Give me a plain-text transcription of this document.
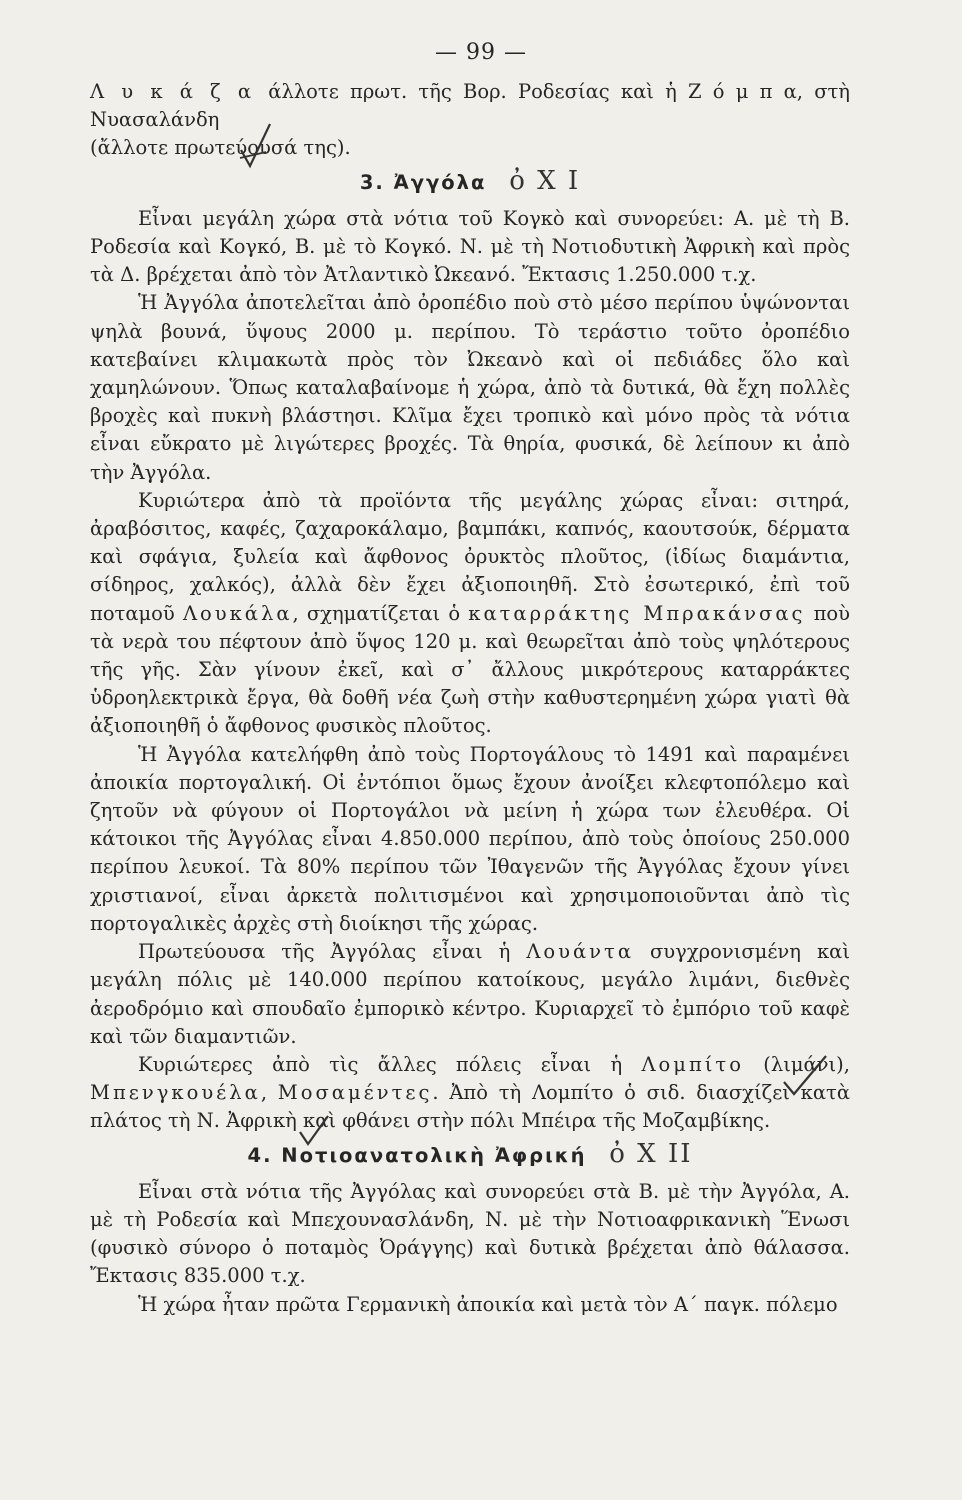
— 99 —

Λ υ κ ά ζ α άλλοτε πρωτ. τῆς Βορ. Ροδεσίας καὶ ἡ Ζ ό μ π α, στὴ Νυασαλάνδη

(ἄλλοτε πρωτεύουσά της).

3. Ἀγγόλα ὀ Χ Ι

Εἶναι μεγάλη χώρα στὰ νότια τοῦ Κογκὸ καὶ συνορεύει: Α. μὲ τὴ Β. Ροδεσία καὶ Κογκό, Β. μὲ τὸ Κογκό. Ν. μὲ τὴ Νοτιοδυτικὴ Ἀφρικὴ καὶ πρὸς τὰ Δ. βρέχεται ἀπὸ τὸν Ἀτλαντικὸ Ὠκεανό. Ἔκτασις 1.250.000 τ.χ.

Ἡ Ἀγγόλα ἀποτελεῖται ἀπὸ ὀροπέδιο ποὺ στὸ μέσο περίπου ὑψώνονται ψηλὰ βουνά, ὕψους 2000 μ. περίπου. Τὸ τεράστιο τοῦτο ὀροπέδιο κατεβαίνει κλιμακωτὰ πρὸς τὸν Ὠκεανὸ καὶ οἱ πεδιάδες ὅλο καὶ χαμηλώνουν. Ὅπως καταλαβαίνομε ἡ χώρα, ἀπὸ τὰ δυτικά, θὰ ἔχη πολλὲς βροχὲς καὶ πυκνὴ βλάστησι. Κλῖμα ἔχει τροπικὸ καὶ μόνο πρὸς τὰ νότια εἶναι εὔκρατο μὲ λιγώτερες βροχές. Τὰ θηρία, φυσικά, δὲ λείπουν κι ἀπὸ τὴν Ἀγγόλα.

Κυριώτερα ἀπὸ τὰ προϊόντα τῆς μεγάλης χώρας εἶναι: σιτηρά, ἀραβόσιτος, καφές, ζαχαροκάλαμο, βαμπάκι, καπνός, καουτσούκ, δέρματα καὶ σφάγια, ξυλεία καὶ ἄφθονος ὀρυκτὸς πλοῦτος, (ἰδίως διαμάντια, σίδηρος, χαλκός), ἀλλὰ δὲν ἔχει ἀξιοποιηθῆ. Στὸ ἐσωτερικό, ἐπὶ τοῦ ποταμοῦ Λουκάλα, σχηματίζεται ὁ καταρράκτης Μπρακάνσας ποὺ τὰ νερὰ του πέφτουν ἀπὸ ὕψος 120 μ. καὶ θεωρεῖται ἀπὸ τοὺς ψηλότερους τῆς γῆς. Σὰν γίνουν ἐκεῖ, καὶ σ᾽ ἄλλους μικρότερους καταρράκτες ὑδροηλεκτρικὰ ἔργα, θὰ δοθῆ νέα ζωὴ στὴν καθυστερημένη χώρα γιατὶ θὰ ἀξιοποιηθῆ ὁ ἄφθονος φυσικὸς πλοῦτος.

Ἡ Ἀγγόλα κατελήφθη ἀπὸ τοὺς Πορτογάλους τὸ 1491 καὶ παραμένει ἀποικία πορτογαλική. Οἱ ἐντόπιοι ὅμως ἔχουν ἀνοίξει κλεφτοπόλεμο καὶ ζητοῦν νὰ φύγουν οἱ Πορτογάλοι νὰ μείνη ἡ χώρα των ἐλευθέρα. Οἱ κάτοικοι τῆς Ἀγγόλας εἶναι 4.850.000 περίπου, ἀπὸ τοὺς ὁποίους 250.000 περίπου λευκοί. Τὰ 80% περίπου τῶν Ἰθαγενῶν τῆς Ἀγγόλας ἔχουν γίνει χριστιανοί, εἶναι ἀρκετὰ πολιτισμένοι καὶ χρησιμοποιοῦνται ἀπὸ τὶς πορτογαλικὲς ἀρχὲς στὴ διοίκησι τῆς χώρας.

Πρωτεύουσα τῆς Ἀγγόλας εἶναι ἡ Λουάντα συγχρονισμένη καὶ μεγάλη πόλις μὲ 140.000 περίπου κατοίκους, μεγάλο λιμάνι, διεθνὲς ἀεροδρόμιο καὶ σπουδαῖο ἐμπορικὸ κέντρο. Κυριαρχεῖ τὸ ἐμπόριο τοῦ καφὲ καὶ τῶν διαμαντιῶν.

Κυριώτερες ἀπὸ τὶς ἄλλες πόλεις εἶναι ἡ Λομπίτο (λιμάνι), Μπενγκουέλα, Μοσαμέντες. Ἀπὸ τὴ Λομπίτο ὁ σιδ. διασχίζει κατὰ πλάτος τὴ Ν. Ἀφρικὴ καὶ φθάνει στὴν πόλι Μπέιρα τῆς Μοζαμβίκης.

4. Νοτιοανατολικὴ Ἀφρική ὀ Χ ΙΙ

Εἶναι στὰ νότια τῆς Ἀγγόλας καὶ συνορεύει στὰ Β. μὲ τὴν Ἀγγόλα, Α. μὲ τὴ Ροδεσία καὶ Μπεχουνασλάνδη, Ν. μὲ τὴν Νοτιοαφρικανικὴ Ἕνωσι (φυσικὸ σύνορο ὁ ποταμὸς Ὀράγγης) καὶ δυτικὰ βρέχεται ἀπὸ θάλασσα. Ἔκτασις 835.000 τ.χ.

Ἡ χώρα ἦταν πρῶτα Γερμανικὴ ἀποικία καὶ μετὰ τὸν Α΄ παγκ. πόλεμο
